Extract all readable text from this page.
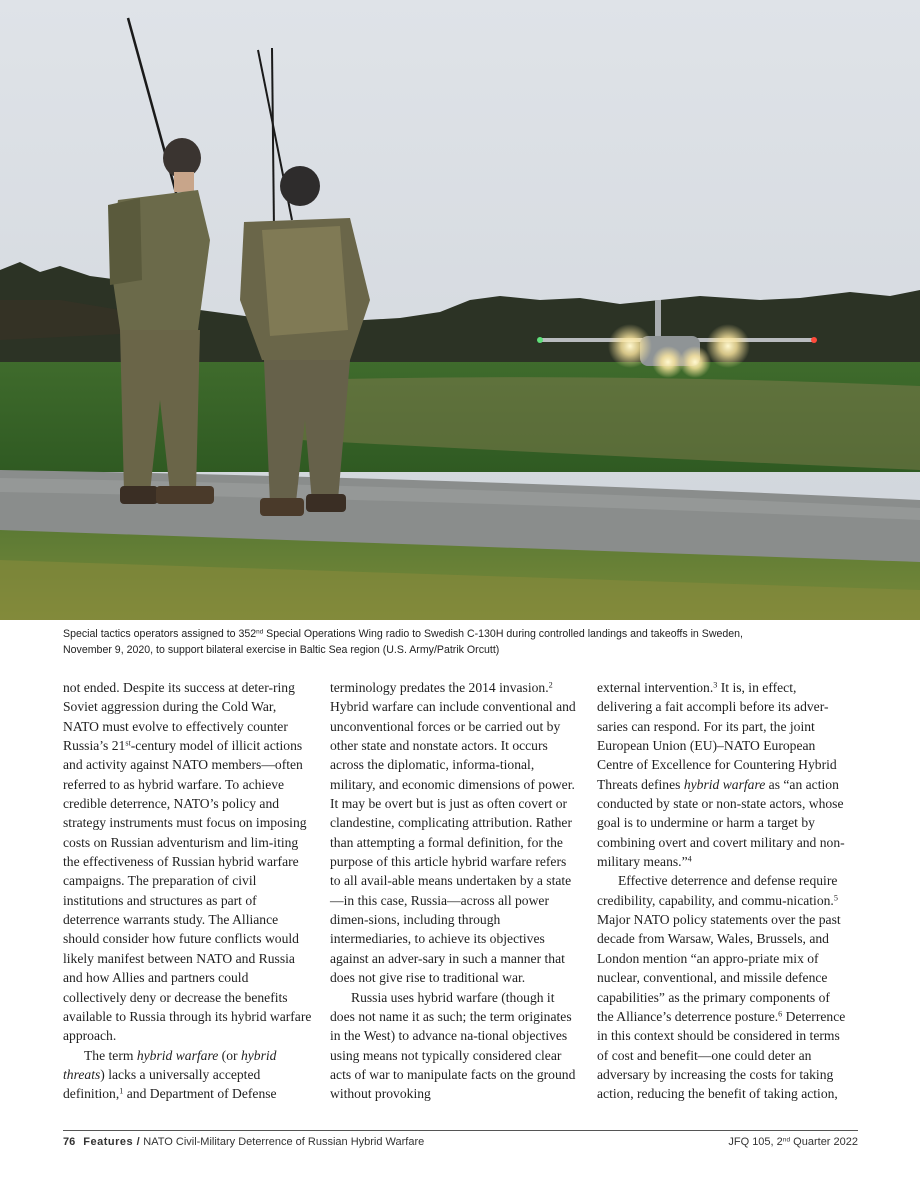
Special tactics operators assigned to 352nd Special Operations Wing radio to Swedish C-130H during controlled landings and takeoffs in Sweden,
November 9, 2020, to support bilateral exercise in Baltic Sea region (U.S. Army/Patrik Orcutt)

not ended. Despite its success at deter-ring Soviet aggression during the Cold War, NATO must evolve to effectively counter Russia’s 21st-century model of illicit actions and activity against NATO members—often referred to as hybrid warfare. To achieve credible deterrence, NATO’s policy and strategy instruments must focus on imposing costs on Russian adventurism and lim-iting the effectiveness of Russian hybrid warfare campaigns. The preparation of civil institutions and structures as part of deterrence warrants study. The Alliance should consider how future conflicts would likely manifest between NATO and Russia and how Allies and partners could collectively deny or decrease the benefits available to Russia through its hybrid warfare approach.

The term hybrid warfare (or hybrid threats) lacks a universally accepted definition,$^1$ and Department of Defense

terminology predates the 2014 invasion.$^2$ Hybrid warfare can include conventional and unconventional forces or be carried out by other state and nonstate actors. It occurs across the diplomatic, informa-tional, military, and economic dimensions of power. It may be overt but is just as often covert or clandestine, complicating attribution. Rather than attempting a formal definition, for the purpose of this article hybrid warfare refers to all avail-able means undertaken by a state—in this case, Russia—across all power dimen-sions, including through intermediaries, to achieve its objectives against an adver-sary in such a manner that does not give rise to traditional war.

Russia uses hybrid warfare (though it does not name it as such; the term originates in the West) to advance na-tional objectives using means not typically considered clear acts of war to manipulate facts on the ground without provoking

external intervention.$^3$ It is, in effect, delivering a fait accompli before its adver-saries can respond. For its part, the joint European Union (EU)–NATO European Centre of Excellence for Countering Hybrid Threats defines hybrid warfare as “an action conducted by state or non-state actors, whose goal is to undermine or harm a target by combining overt and covert military and non-military means.”$^4$

Effective deterrence and defense require credibility, capability, and commu-nication.$^5$ Major NATO policy statements over the past decade from Warsaw, Wales, Brussels, and London mention “an appro-priate mix of nuclear, conventional, and missile defence capabilities” as the primary components of the Alliance’s deterrence posture.$^6$ Deterrence in this context should be considered in terms of cost and benefit—one could deter an adversary by increasing the costs for taking action, reducing the benefit of taking action,

76 Features / NATO Civil-Military Deterrence of Russian Hybrid Warfare	JFQ 105, 2nd Quarter 2022
